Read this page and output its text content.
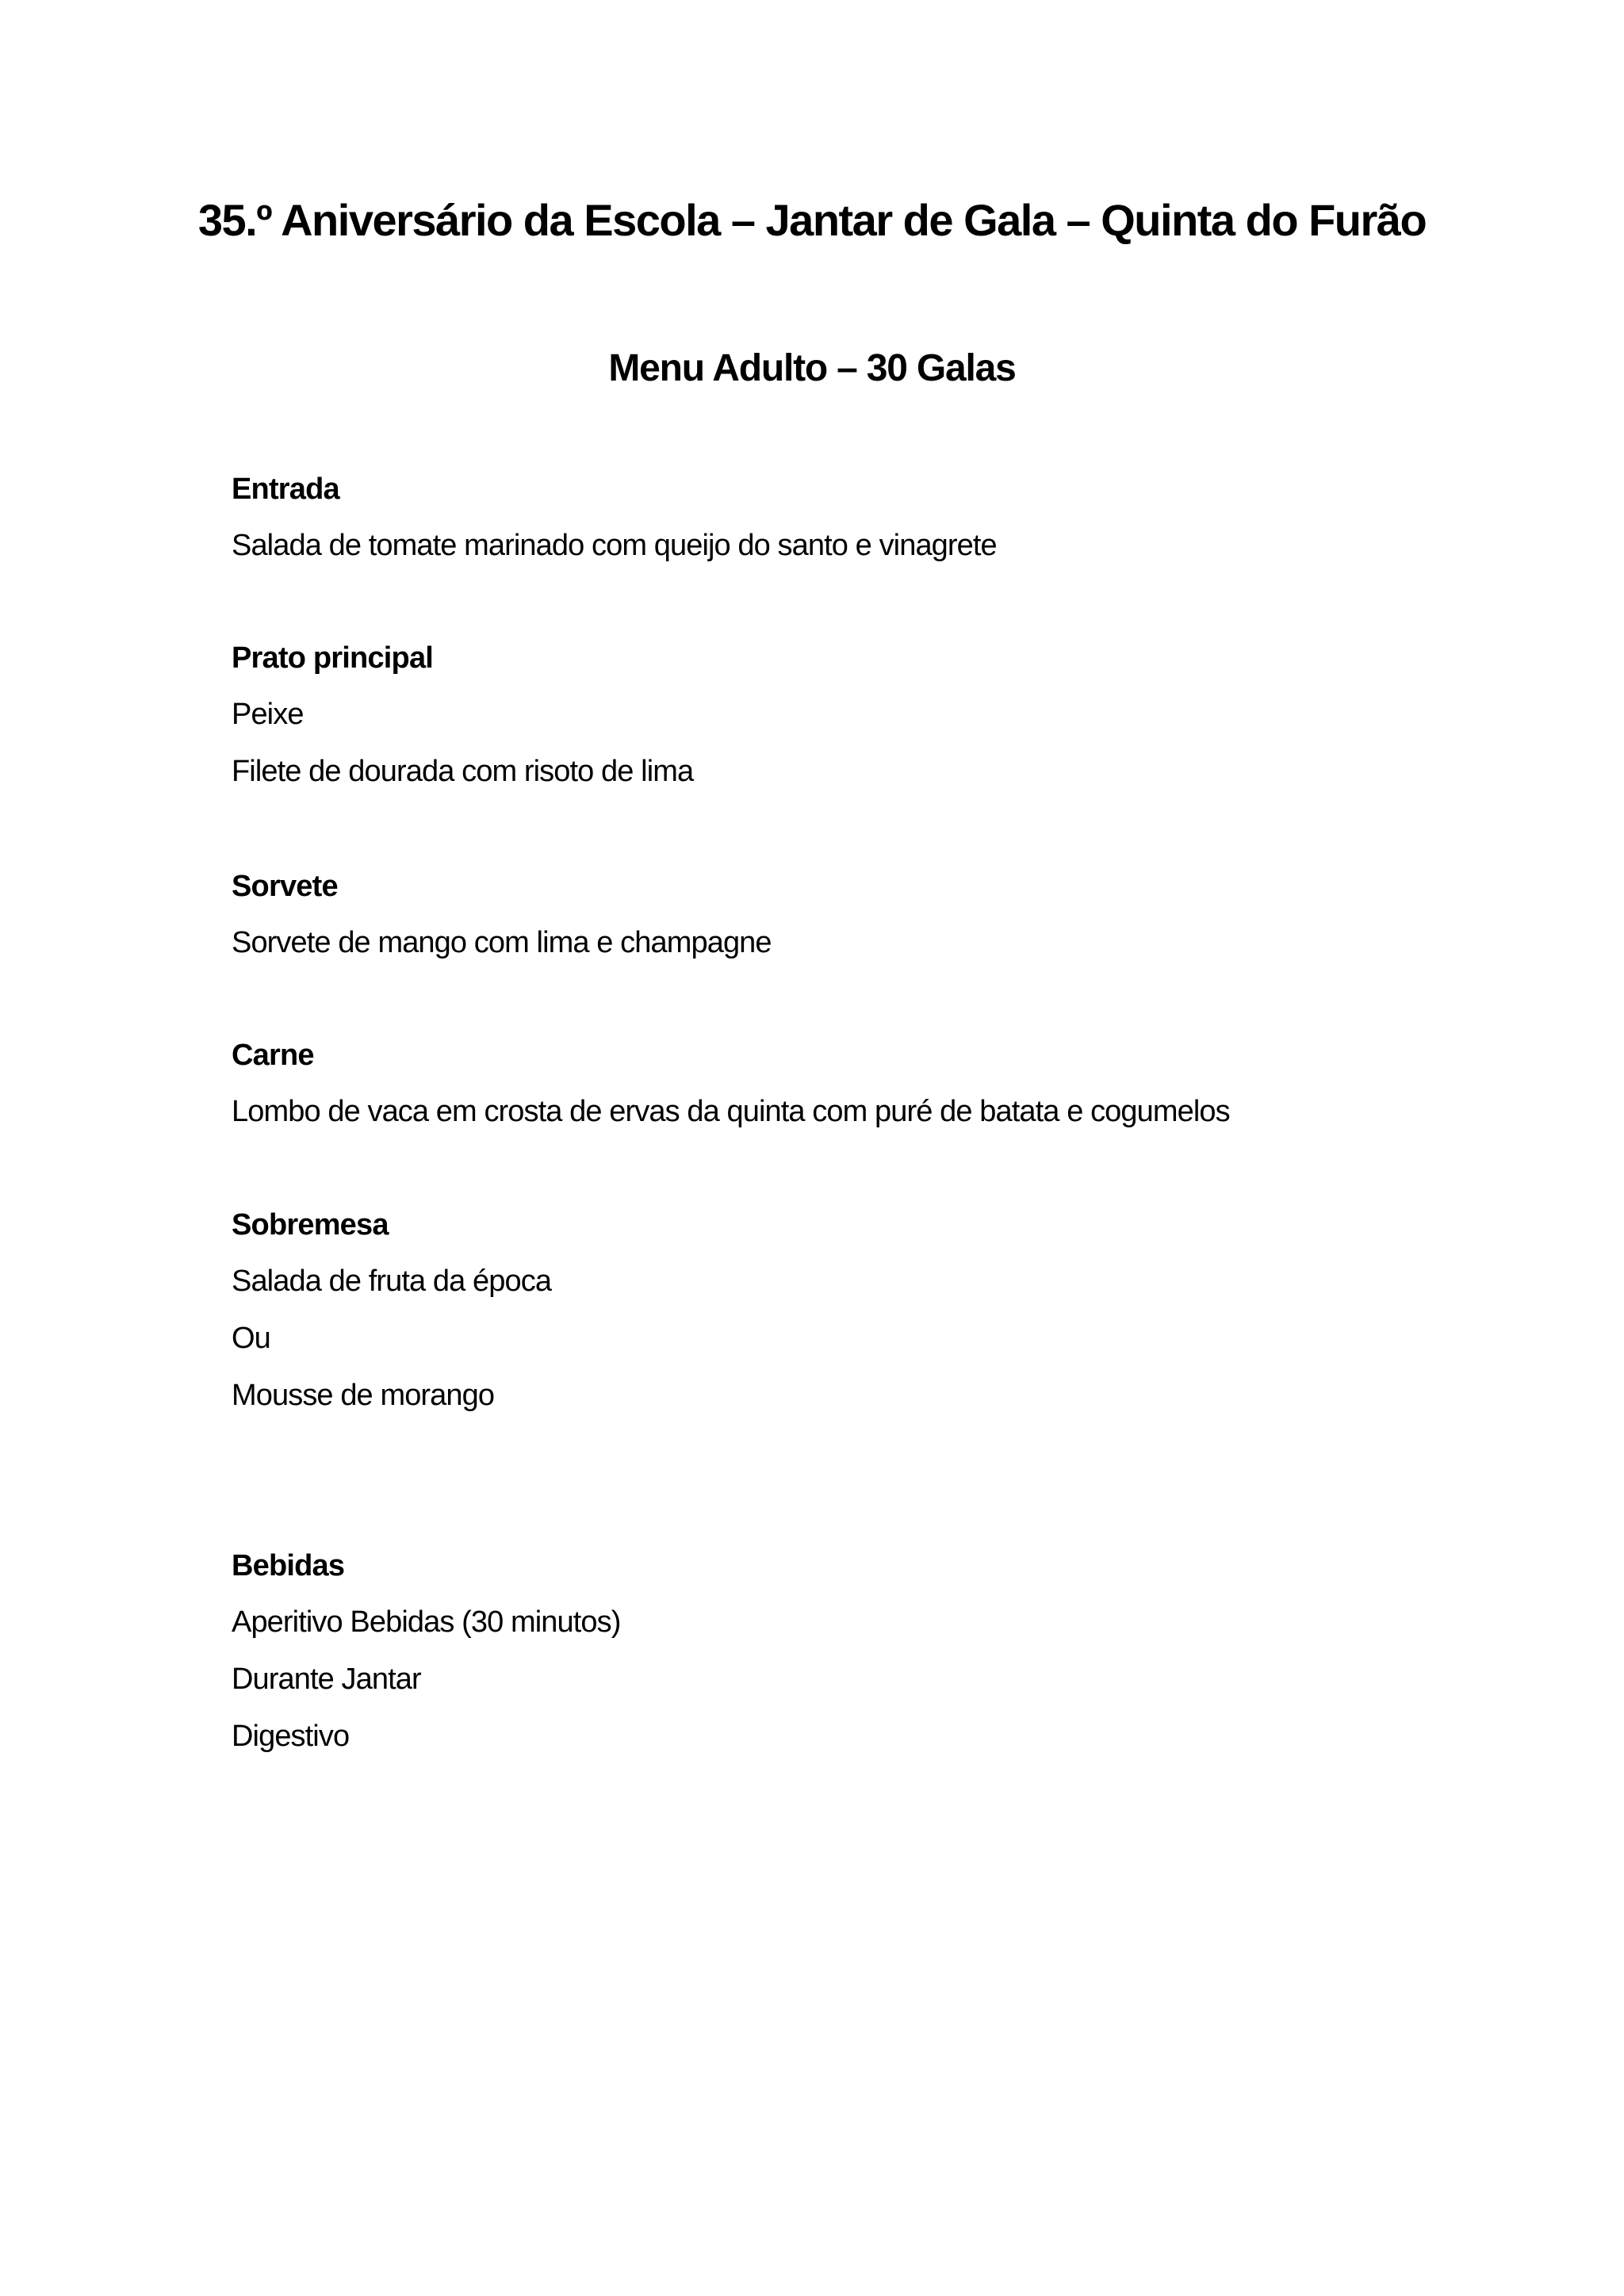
35.º Aniversário da Escola – Jantar de Gala – Quinta do Furão
Menu Adulto – 30 Galas
Entrada
Salada de tomate marinado com queijo do santo e vinagrete
Prato principal
Peixe
Filete de dourada com risoto de lima
Sorvete
Sorvete de mango com lima e champagne
Carne
Lombo de vaca em crosta de ervas da quinta com puré de batata e cogumelos
Sobremesa
Salada de fruta da época
Ou
Mousse de morango
Bebidas
Aperitivo Bebidas (30 minutos)
Durante Jantar
Digestivo
